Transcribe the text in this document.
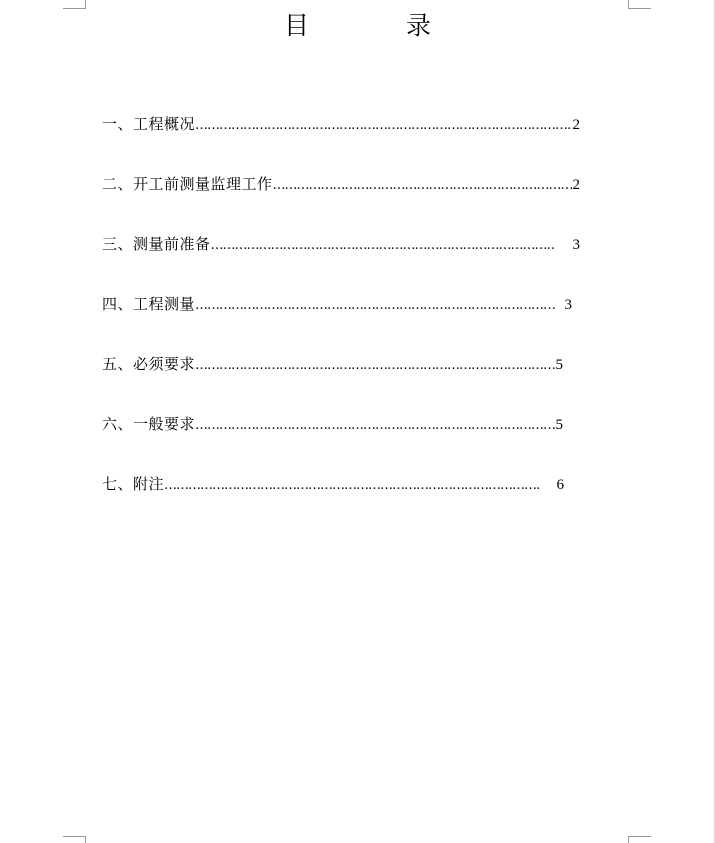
目　录
一、工程概况 …………………………………………………………………………………………………………………………………	2
二、开工前测量监理工作 …………………………………………………………………………………………………………………………………	2
三、测量前准备 …………………………………………………………………………………………………………………………………	3
四、工程测量 …………………………………………………………………………………………………………………………………	3
五、必须要求 …………………………………………………………………………………………………………………………………	5
六、一般要求 …………………………………………………………………………………………………………………………………	5
七、附注 …………………………………………………………………………………………………………………………………	6
